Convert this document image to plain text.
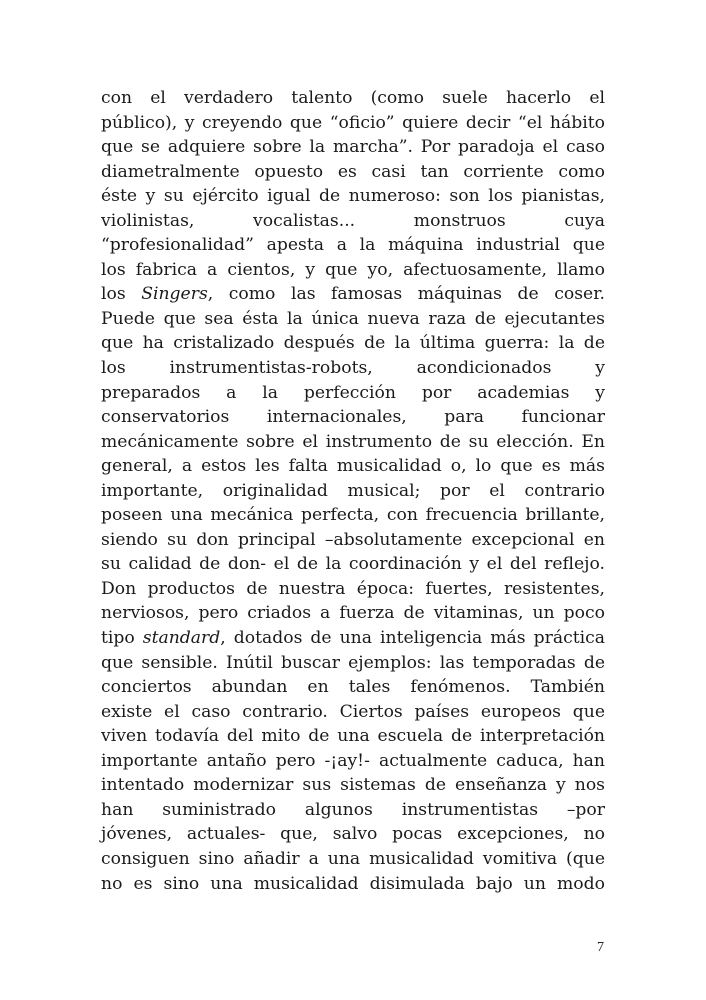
con el verdadero talento (como suele hacerlo el
público), y creyendo que “oficio” quiere decir “el hábito
que se adquiere sobre la marcha”. Por paradoja el caso
diametralmente opuesto es casi tan corriente como
éste y su ejército igual de numeroso: son los pianistas,
violinistas, vocalistas... monstruos cuya
“profesionalidad” apesta a la máquina industrial que
los fabrica a cientos, y que yo, afectuosamente, llamo
los Singers, como las famosas máquinas de coser.
Puede que sea ésta la única nueva raza de ejecutantes
que ha cristalizado después de la última guerra: la de
los instrumentistas-robots, acondicionados y
preparados a la perfección por academias y
conservatorios internacionales, para funcionar
mecánicamente sobre el instrumento de su elección. En
general, a estos les falta musicalidad o, lo que es más
importante, originalidad musical; por el contrario
poseen una mecánica perfecta, con frecuencia brillante,
siendo su don principal –absolutamente excepcional en
su calidad de don- el de la coordinación y el del reflejo.
Don productos de nuestra época: fuertes, resistentes,
nerviosos, pero criados a fuerza de vitaminas, un poco
tipo standard, dotados de una inteligencia más práctica
que sensible. Inútil buscar ejemplos: las temporadas de
conciertos abundan en tales fenómenos. También
existe el caso contrario. Ciertos países europeos que
viven todavía del mito de una escuela de interpretación
importante antaño pero -¡ay!- actualmente caduca, han
intentado modernizar sus sistemas de enseñanza y nos
han suministrado algunos instrumentistas –por
jóvenes, actuales- que, salvo pocas excepciones, no
consiguen sino añadir a una musicalidad vomitiva (que
no es sino una musicalidad disimulada bajo un modo
7
